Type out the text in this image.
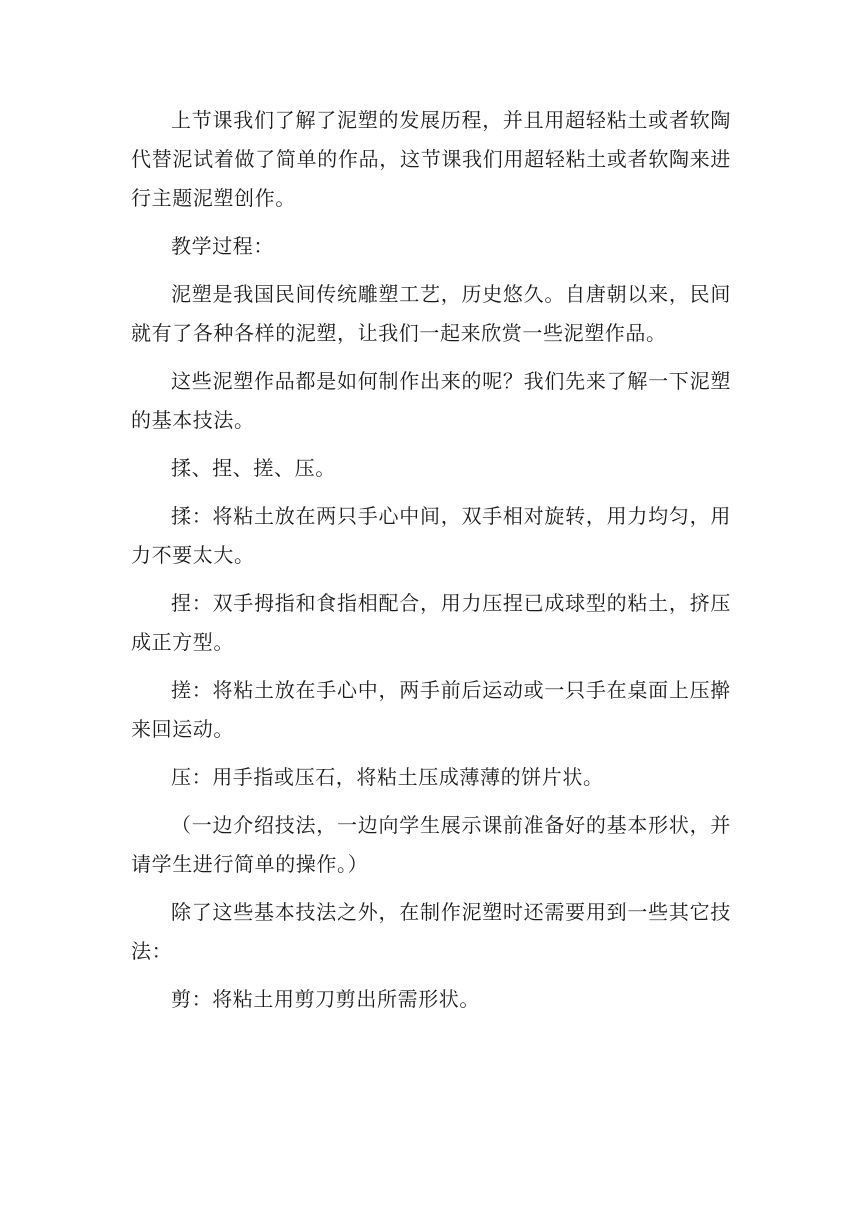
上节课我们了解了泥塑的发展历程，并且用超轻粘土或者软陶代替泥试着做了简单的作品，这节课我们用超轻粘土或者软陶来进行主题泥塑创作。

教学过程：

泥塑是我国民间传统雕塑工艺，历史悠久。自唐朝以来，民间就有了各种各样的泥塑，让我们一起来欣赏一些泥塑作品。

这些泥塑作品都是如何制作出来的呢？我们先来了解一下泥塑的基本技法。

揉、捏、搓、压。

揉：将粘土放在两只手心中间，双手相对旋转，用力均匀，用力不要太大。

捏：双手拇指和食指相配合，用力压捏已成球型的粘土，挤压成正方型。

搓：将粘土放在手心中，两手前后运动或一只手在桌面上压擀来回运动。

压：用手指或压石，将粘土压成薄薄的饼片状。

（一边介绍技法，一边向学生展示课前准备好的基本形状，并请学生进行简单的操作。）

除了这些基本技法之外，在制作泥塑时还需要用到一些其它技法：

剪：将粘土用剪刀剪出所需形状。
